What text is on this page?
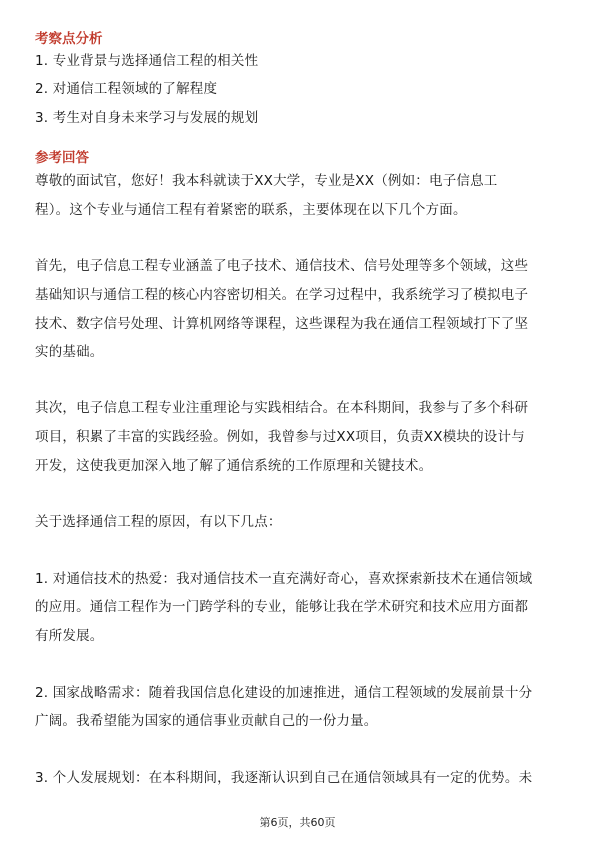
考察点分析
1. 专业背景与选择通信工程的相关性
2. 对通信工程领域的了解程度
3. 考生对自身未来学习与发展的规划
参考回答
尊敬的面试官，您好！我本科就读于XX大学，专业是XX（例如：电子信息工
程）。这个专业与通信工程有着紧密的联系，主要体现在以下几个方面。
首先，电子信息工程专业涵盖了电子技术、通信技术、信号处理等多个领域，这些
基础知识与通信工程的核心内容密切相关。在学习过程中，我系统学习了模拟电子
技术、数字信号处理、计算机网络等课程，这些课程为我在通信工程领域打下了坚
实的基础。
其次，电子信息工程专业注重理论与实践相结合。在本科期间，我参与了多个科研
项目，积累了丰富的实践经验。例如，我曾参与过XX项目，负责XX模块的设计与
开发，这使我更加深入地了解了通信系统的工作原理和关键技术。
关于选择通信工程的原因，有以下几点：
1. 对通信技术的热爱：我对通信技术一直充满好奇心，喜欢探索新技术在通信领域
的应用。通信工程作为一门跨学科的专业，能够让我在学术研究和技术应用方面都
有所发展。
2. 国家战略需求：随着我国信息化建设的加速推进，通信工程领域的发展前景十分
广阔。我希望能为国家的通信事业贡献自己的一份力量。
3. 个人发展规划：在本科期间，我逐渐认识到自己在通信领域具有一定的优势。未
第6页，共60页
